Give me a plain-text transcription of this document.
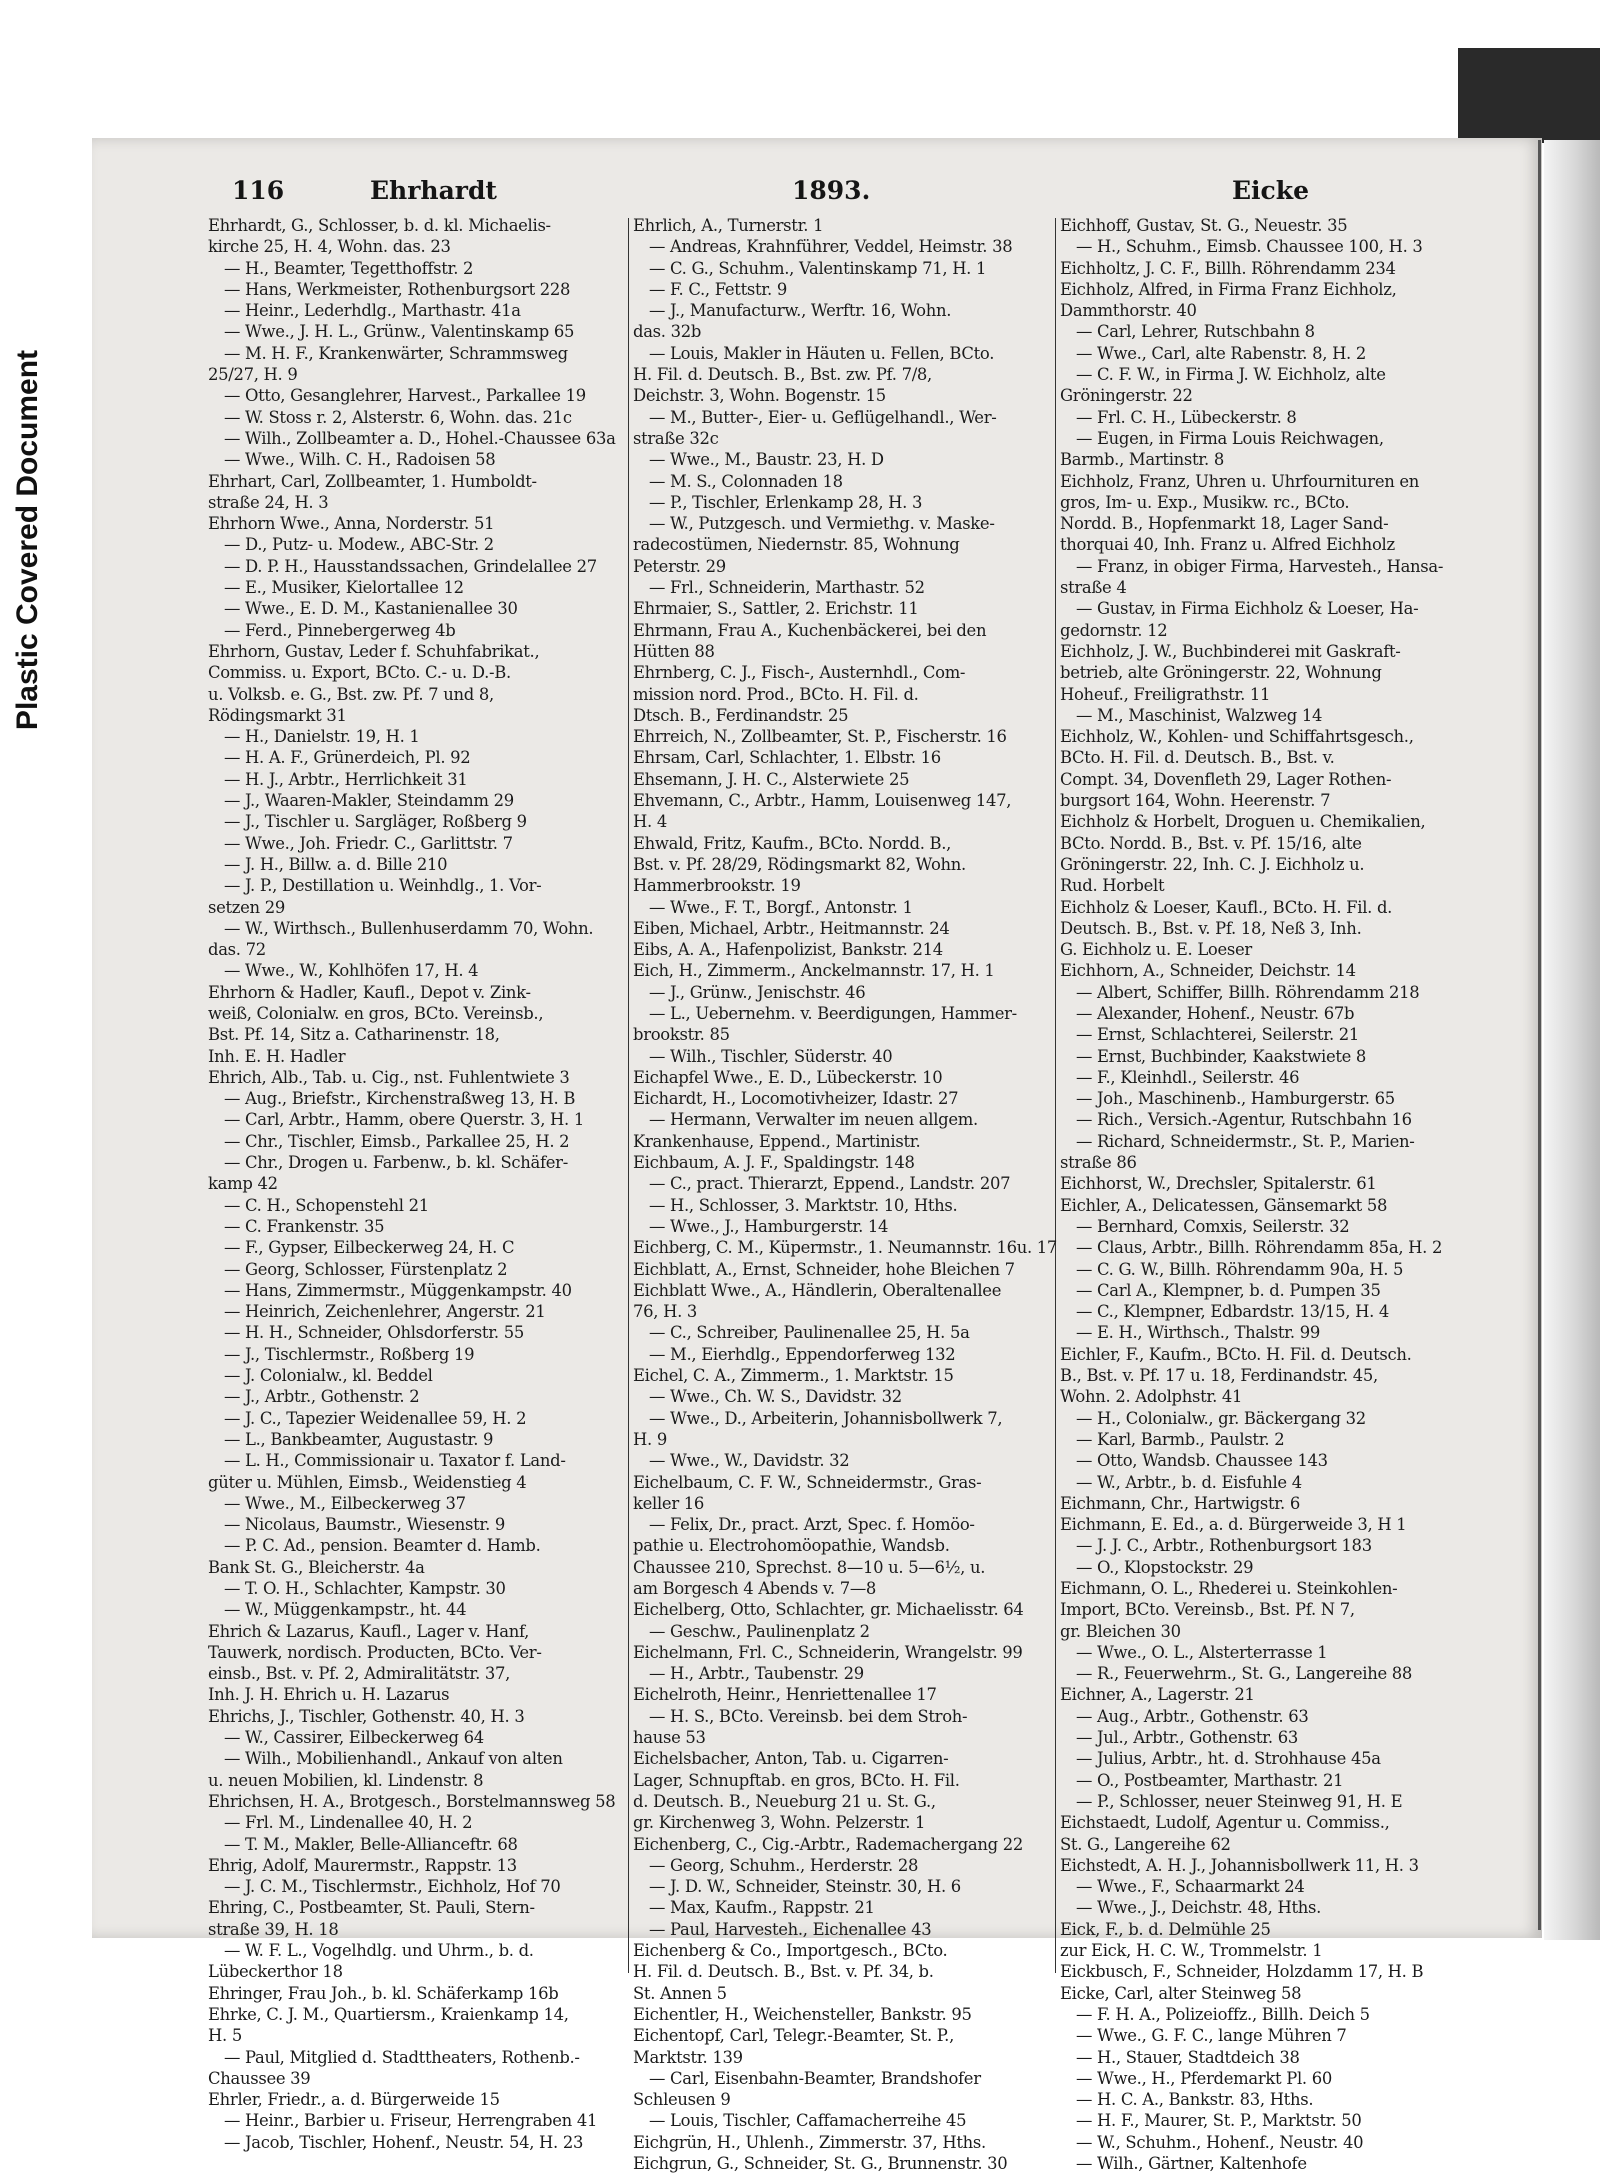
Plastic Covered Document
116	Ehrhardt	1893.	Eicke
Ehrhardt, G., Schlosser, b. d. kl. Michaelis-
kirche 25, H. 4, Wohn. das. 23
— H., Beamter, Tegetthoffstr. 2
— Hans, Werkmeister, Rothenburgsort 228
— Heinr., Lederhdlg., Marthastr. 41a
— Wwe., J. H. L., Grünw., Valentinskamp 65
— M. H. F., Krankenwärter, Schrammsweg
25/27, H. 9
— Otto, Gesanglehrer, Harvest., Parkallee 19
— W. Stoss r. 2, Alsterstr. 6, Wohn. das. 21c
— Wilh., Zollbeamter a. D., Hohel.-Chaussee 63a
— Wwe., Wilh. C. H., Radoisen 58
Ehrhart, Carl, Zollbeamter, 1. Humboldt-
straße 24, H. 3
Ehrhorn Wwe., Anna, Norderstr. 51
— D., Putz- u. Modew., ABC-Str. 2
— D. P. H., Hausstandssachen, Grindelallee 27
— E., Musiker, Kielortallee 12
— Wwe., E. D. M., Kastanienallee 30
— Ferd., Pinnebergerweg 4b
Ehrhorn, Gustav, Leder f. Schuhfabrikat.,
Commiss. u. Export, BCto. C.- u. D.-B.
u. Volksb. e. G., Bst. zw. Pf. 7 und 8,
Rödingsmarkt 31
— H., Danielstr. 19, H. 1
— H. A. F., Grünerdeich, Pl. 92
— H. J., Arbtr., Herrlichkeit 31
— J., Waaren-Makler, Steindamm 29
— J., Tischler u. Sargläger, Roßberg 9
— Wwe., Joh. Friedr. C., Garlittstr. 7
— J. H., Billw. a. d. Bille 210
— J. P., Destillation u. Weinhdlg., 1. Vor-
setzen 29
— W., Wirthsch., Bullenhuserdamm 70, Wohn.
das. 72
— Wwe., W., Kohlhöfen 17, H. 4
Ehrhorn & Hadler, Kaufl., Depot v. Zink-
weiß, Colonialw. en gros, BCto. Vereinsb.,
Bst. Pf. 14, Sitz a. Catharinenstr. 18,
Inh. E. H. Hadler
Ehrich, Alb., Tab. u. Cig., nst. Fuhlentwiete 3
— Aug., Briefstr., Kirchenstraßweg 13, H. B
— Carl, Arbtr., Hamm, obere Querstr. 3, H. 1
— Chr., Tischler, Eimsb., Parkallee 25, H. 2
— Chr., Drogen u. Farbenw., b. kl. Schäfer-
kamp 42
— C. H., Schopenstehl 21
— C. Frankenstr. 35
— F., Gypser, Eilbeckerweg 24, H. C
— Georg, Schlosser, Fürstenplatz 2
— Hans, Zimmermstr., Müggenkampstr. 40
— Heinrich, Zeichenlehrer, Angerstr. 21
— H. H., Schneider, Ohlsdorferstr. 55
— J., Tischlermstr., Roßberg 19
— J. Colonialw., kl. Beddel
— J., Arbtr., Gothenstr. 2
— J. C., Tapezier Weidenallee 59, H. 2
— L., Bankbeamter, Augustastr. 9
— L. H., Commissionair u. Taxator f. Land-
güter u. Mühlen, Eimsb., Weidenstieg 4
— Wwe., M., Eilbeckerweg 37
— Nicolaus, Baumstr., Wiesenstr. 9
— P. C. Ad., pension. Beamter d. Hamb.
Bank St. G., Bleicherstr. 4a
— T. O. H., Schlachter, Kampstr. 30
— W., Müggenkampstr., ht. 44
Ehrich & Lazarus, Kaufl., Lager v. Hanf,
Tauwerk, nordisch. Producten, BCto. Ver-
einsb., Bst. v. Pf. 2, Admiralitätstr. 37,
Inh. J. H. Ehrich u. H. Lazarus
Ehrichs, J., Tischler, Gothenstr. 40, H. 3
— W., Cassirer, Eilbeckerweg 64
— Wilh., Mobilienhandl., Ankauf von alten
u. neuen Mobilien, kl. Lindenstr. 8
Ehrichsen, H. A., Brotgesch., Borstelmannsweg 58
— Frl. M., Lindenallee 40, H. 2
— T. M., Makler, Belle-Allianceftr. 68
Ehrig, Adolf, Maurermstr., Rappstr. 13
— J. C. M., Tischlermstr., Eichholz, Hof 70
Ehring, C., Postbeamter, St. Pauli, Stern-
straße 39, H. 18
— W. F. L., Vogelhdlg. und Uhrm., b. d.
Lübeckerthor 18
Ehringer, Frau Joh., b. kl. Schäferkamp 16b
Ehrke, C. J. M., Quartiersm., Kraienkamp 14,
H. 5
— Paul, Mitglied d. Stadttheaters, Rothenb.-
Chaussee 39
Ehrler, Friedr., a. d. Bürgerweide 15
— Heinr., Barbier u. Friseur, Herrengraben 41
— Jacob, Tischler, Hohenf., Neustr. 54, H. 23
Ehrlich, A., Turnerstr. 1
— Andreas, Krahnführer, Veddel, Heimstr. 38
— C. G., Schuhm., Valentinskamp 71, H. 1
— F. C., Fettstr. 9
— J., Manufacturw., Werftr. 16, Wohn.
das. 32b
— Louis, Makler in Häuten u. Fellen, BCto.
H. Fil. d. Deutsch. B., Bst. zw. Pf. 7/8,
Deichstr. 3, Wohn. Bogenstr. 15
— M., Butter-, Eier- u. Geflügelhandl., Wer-
straße 32c
— Wwe., M., Baustr. 23, H. D
— M. S., Colonnaden 18
— P., Tischler, Erlenkamp 28, H. 3
— W., Putzgesch. und Vermiethg. v. Maske-
radecostümen, Niedernstr. 85, Wohnung
Peterstr. 29
— Frl., Schneiderin, Marthastr. 52
Ehrmaier, S., Sattler, 2. Erichstr. 11
Ehrmann, Frau A., Kuchenbäckerei, bei den
Hütten 88
Ehrnberg, C. J., Fisch-, Austernhdl., Com-
mission nord. Prod., BCto. H. Fil. d.
Dtsch. B., Ferdinandstr. 25
Ehrreich, N., Zollbeamter, St. P., Fischerstr. 16
Ehrsam, Carl, Schlachter, 1. Elbstr. 16
Ehsemann, J. H. C., Alsterwiete 25
Ehvemann, C., Arbtr., Hamm, Louisenweg 147,
H. 4
Ehwald, Fritz, Kaufm., BCto. Nordd. B.,
Bst. v. Pf. 28/29, Rödingsmarkt 82, Wohn.
Hammerbrookstr. 19
— Wwe., F. T., Borgf., Antonstr. 1
Eiben, Michael, Arbtr., Heitmannstr. 24
Eibs, A. A., Hafenpolizist, Bankstr. 214
Eich, H., Zimmerm., Anckelmannstr. 17, H. 1
— J., Grünw., Jenischstr. 46
— L., Uebernehm. v. Beerdigungen, Hammer-
brookstr. 85
— Wilh., Tischler, Süderstr. 40
Eichapfel Wwe., E. D., Lübeckerstr. 10
Eichardt, H., Locomotivheizer, Idastr. 27
— Hermann, Verwalter im neuen allgem.
Krankenhause, Eppend., Martinistr.
Eichbaum, A. J. F., Spaldingstr. 148
— C., pract. Thierarzt, Eppend., Landstr. 207
— H., Schlosser, 3. Marktstr. 10, Hths.
— Wwe., J., Hamburgerstr. 14
Eichberg, C. M., Küpermstr., 1. Neumannstr. 16u. 17
Eichblatt, A., Ernst, Schneider, hohe Bleichen 7
Eichblatt Wwe., A., Händlerin, Oberaltenallee
76, H. 3
— C., Schreiber, Paulinenallee 25, H. 5a
— M., Eierhdlg., Eppendorferweg 132
Eichel, C. A., Zimmerm., 1. Marktstr. 15
— Wwe., Ch. W. S., Davidstr. 32
— Wwe., D., Arbeiterin, Johannisbollwerk 7,
H. 9
— Wwe., W., Davidstr. 32
Eichelbaum, C. F. W., Schneidermstr., Gras-
keller 16
— Felix, Dr., pract. Arzt, Spec. f. Homöo-
pathie u. Electrohomöopathie, Wandsb.
Chaussee 210, Sprechst. 8—10 u. 5—6½, u.
am Borgesch 4 Abends v. 7—8
Eichelberg, Otto, Schlachter, gr. Michaelisstr. 64
— Geschw., Paulinenplatz 2
Eichelmann, Frl. C., Schneiderin, Wrangelstr. 99
— H., Arbtr., Taubenstr. 29
Eichelroth, Heinr., Henriettenallee 17
— H. S., BCto. Vereinsb. bei dem Stroh-
hause 53
Eichelsbacher, Anton, Tab. u. Cigarren-
Lager, Schnupftab. en gros, BCto. H. Fil.
d. Deutsch. B., Neueburg 21 u. St. G.,
gr. Kirchenweg 3, Wohn. Pelzerstr. 1
Eichenberg, C., Cig.-Arbtr., Rademachergang 22
— Georg, Schuhm., Herderstr. 28
— J. D. W., Schneider, Steinstr. 30, H. 6
— Max, Kaufm., Rappstr. 21
— Paul, Harvesteh., Eichenallee 43
Eichenberg & Co., Importgesch., BCto.
H. Fil. d. Deutsch. B., Bst. v. Pf. 34, b.
St. Annen 5
Eichentler, H., Weichensteller, Bankstr. 95
Eichentopf, Carl, Telegr.-Beamter, St. P.,
Marktstr. 139
— Carl, Eisenbahn-Beamter, Brandshofer
Schleusen 9
— Louis, Tischler, Caffamacherreihe 45
Eichgrün, H., Uhlenh., Zimmerstr. 37, Hths.
Eichgrun, G., Schneider, St. G., Brunnenstr. 30
Eichhoff, Gustav, St. G., Neuestr. 35
— H., Schuhm., Eimsb. Chaussee 100, H. 3
Eichholtz, J. C. F., Billh. Röhrendamm 234
Eichholz, Alfred, in Firma Franz Eichholz,
Dammthorstr. 40
— Carl, Lehrer, Rutschbahn 8
— Wwe., Carl, alte Rabenstr. 8, H. 2
— C. F. W., in Firma J. W. Eichholz, alte
Gröningerstr. 22
— Frl. C. H., Lübeckerstr. 8
— Eugen, in Firma Louis Reichwagen,
Barmb., Martinstr. 8
Eichholz, Franz, Uhren u. Uhrfournituren en
gros, Im- u. Exp., Musikw. rc., BCto.
Nordd. B., Hopfenmarkt 18, Lager Sand-
thorquai 40, Inh. Franz u. Alfred Eichholz
— Franz, in obiger Firma, Harvesteh., Hansa-
straße 4
— Gustav, in Firma Eichholz & Loeser, Ha-
gedornstr. 12
Eichholz, J. W., Buchbinderei mit Gaskraft-
betrieb, alte Gröningerstr. 22, Wohnung
Hoheuf., Freiligrathstr. 11
— M., Maschinist, Walzweg 14
Eichholz, W., Kohlen- und Schiffahrtsgesch.,
BCto. H. Fil. d. Deutsch. B., Bst. v.
Compt. 34, Dovenfleth 29, Lager Rothen-
burgsort 164, Wohn. Heerenstr. 7
Eichholz & Horbelt, Droguen u. Chemikalien,
BCto. Nordd. B., Bst. v. Pf. 15/16, alte
Gröningerstr. 22, Inh. C. J. Eichholz u.
Rud. Horbelt
Eichholz & Loeser, Kaufl., BCto. H. Fil. d.
Deutsch. B., Bst. v. Pf. 18, Neß 3, Inh.
G. Eichholz u. E. Loeser
Eichhorn, A., Schneider, Deichstr. 14
— Albert, Schiffer, Billh. Röhrendamm 218
— Alexander, Hohenf., Neustr. 67b
— Ernst, Schlachterei, Seilerstr. 21
— Ernst, Buchbinder, Kaakstwiete 8
— F., Kleinhdl., Seilerstr. 46
— Joh., Maschinenb., Hamburgerstr. 65
— Rich., Versich.-Agentur, Rutschbahn 16
— Richard, Schneidermstr., St. P., Marien-
straße 86
Eichhorst, W., Drechsler, Spitalerstr. 61
Eichler, A., Delicatessen, Gänsemarkt 58
— Bernhard, Comxis, Seilerstr. 32
— Claus, Arbtr., Billh. Röhrendamm 85a, H. 2
— C. G. W., Billh. Röhrendamm 90a, H. 5
— Carl A., Klempner, b. d. Pumpen 35
— C., Klempner, Edbardstr. 13/15, H. 4
— E. H., Wirthsch., Thalstr. 99
Eichler, F., Kaufm., BCto. H. Fil. d. Deutsch.
B., Bst. v. Pf. 17 u. 18, Ferdinandstr. 45,
Wohn. 2. Adolphstr. 41
— H., Colonialw., gr. Bäckergang 32
— Karl, Barmb., Paulstr. 2
— Otto, Wandsb. Chaussee 143
— W., Arbtr., b. d. Eisfuhle 4
Eichmann, Chr., Hartwigstr. 6
Eichmann, E. Ed., a. d. Bürgerweide 3, H 1
— J. J. C., Arbtr., Rothenburgsort 183
— O., Klopstockstr. 29
Eichmann, O. L., Rhederei u. Steinkohlen-
Import, BCto. Vereinsb., Bst. Pf. N 7,
gr. Bleichen 30
— Wwe., O. L., Alsterterrasse 1
— R., Feuerwehrm., St. G., Langereihe 88
Eichner, A., Lagerstr. 21
— Aug., Arbtr., Gothenstr. 63
— Jul., Arbtr., Gothenstr. 63
— Julius, Arbtr., ht. d. Strohhause 45a
— O., Postbeamter, Marthastr. 21
— P., Schlosser, neuer Steinweg 91, H. E
Eichstaedt, Ludolf, Agentur u. Commiss.,
St. G., Langereihe 62
Eichstedt, A. H. J., Johannisbollwerk 11, H. 3
— Wwe., F., Schaarmarkt 24
— Wwe., J., Deichstr. 48, Hths.
Eick, F., b. d. Delmühle 25
zur Eick, H. C. W., Trommelstr. 1
Eickbusch, F., Schneider, Holzdamm 17, H. B
Eicke, Carl, alter Steinweg 58
— F. H. A., Polizeioffz., Billh. Deich 5
— Wwe., G. F. C., lange Mühren 7
— H., Stauer, Stadtdeich 38
— Wwe., H., Pferdemarkt Pl. 60
— H. C. A., Bankstr. 83, Hths.
— H. F., Maurer, St. P., Marktstr. 50
— W., Schuhm., Hohenf., Neustr. 40
— Wilh., Gärtner, Kaltenhofe
